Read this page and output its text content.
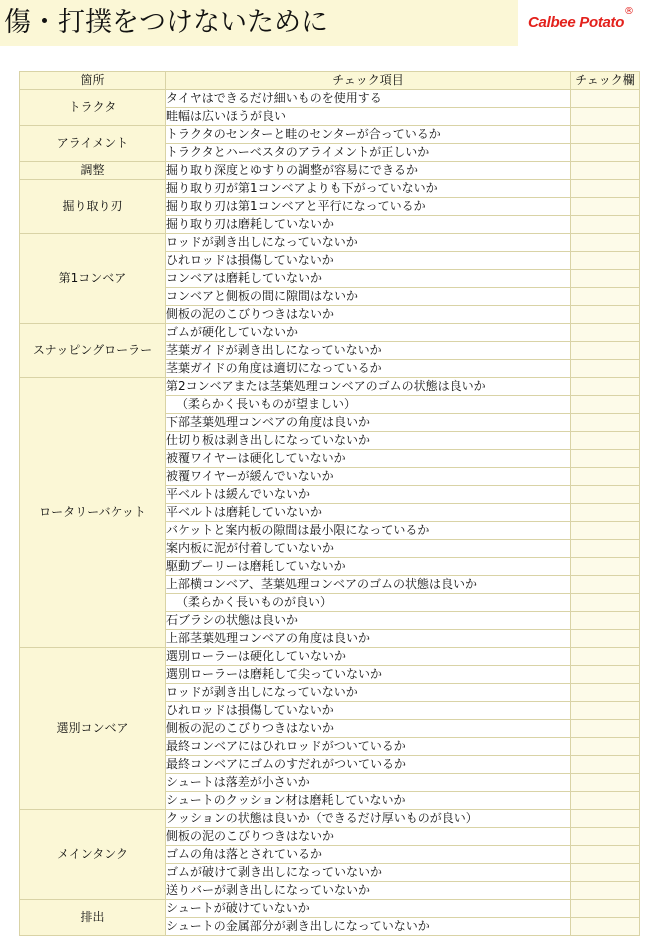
傷・打撲をつけないために	Calbee Potato
®
箇所	チェック項目	チェック欄
トラクタ	タイヤはできるだけ細いものを使用する	
	畦幅は広いほうが良い	
アライメント	トラクタのセンターと畦のセンターが合っているか	
	トラクタとハーベスタのアライメントが正しいか	
調整	掘り取り深度とゆすりの調整が容易にできるか	
掘り取り刃	掘り取り刃が第1コンベアよりも下がっていないか	
	掘り取り刃は第1コンベアと平行になっているか	
	掘り取り刃は磨耗していないか	
第1コンベア	ロッドが剥き出しになっていないか	
	ひれロッドは損傷していないか	
	コンベアは磨耗していないか	
	コンベアと側板の間に隙間はないか	
	側板の泥のこびりつきはないか	
スナッピングローラー	ゴムが硬化していないか	
	茎葉ガイドが剥き出しになっていないか	
	茎葉ガイドの角度は適切になっているか	
ロータリーバケット	第2コンベアまたは茎葉処理コンベアのゴムの状態は良いか	
	（柔らかく長いものが望ましい）	
	下部茎葉処理コンベアの角度は良いか	
	仕切り板は剥き出しになっていないか	
	被覆ワイヤーは硬化していないか	
	被覆ワイヤーが緩んでいないか	
	平ベルトは緩んでいないか	
	平ベルトは磨耗していないか	
	バケットと案内板の隙間は最小限になっているか	
	案内板に泥が付着していないか	
	駆動プーリーは磨耗していないか	
	上部横コンベア、茎葉処理コンベアのゴムの状態は良いか	
	（柔らかく長いものが良い）	
	石ブラシの状態は良いか	
	上部茎葉処理コンベアの角度は良いか	
選別コンベア	選別ローラーは硬化していないか	
	選別ローラーは磨耗して尖っていないか	
	ロッドが剥き出しになっていないか	
	ひれロッドは損傷していないか	
	側板の泥のこびりつきはないか	
	最終コンベアにはひれロッドがついているか	
	最終コンベアにゴムのすだれがついているか	
	シュートは落差が小さいか	
	シュートのクッション材は磨耗していないか	
メインタンク	クッションの状態は良いか（できるだけ厚いものが良い）	
	側板の泥のこびりつきはないか	
	ゴムの角は落とされているか	
	ゴムが破けて剥き出しになっていないか	
	送りバーが剥き出しになっていないか	
排出	シュートが破けていないか	
	シュートの金属部分が剥き出しになっていないか	
